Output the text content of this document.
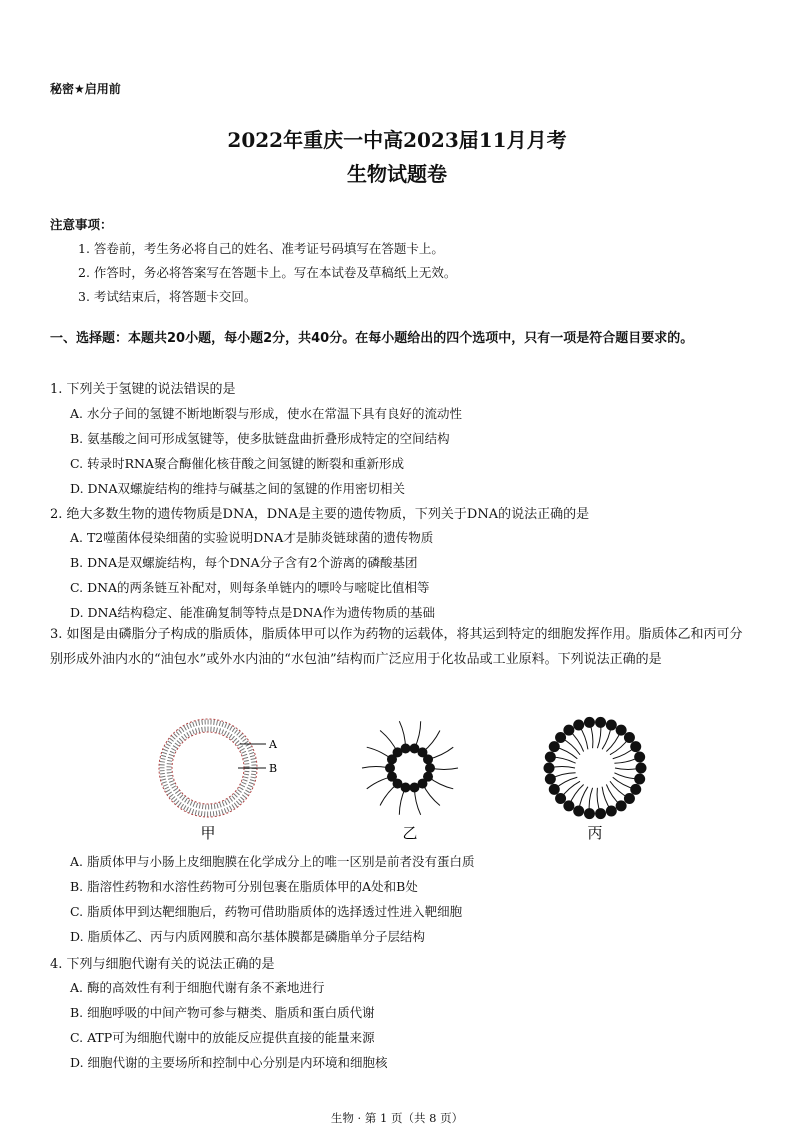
秘密★启用前
2022年重庆一中高2023届11月月考
生物试题卷
注意事项：
1. 答卷前，考生务必将自己的姓名、准考证号码填写在答题卡上。
2. 作答时，务必将答案写在答题卡上。写在本试卷及草稿纸上无效。
3. 考试结束后，将答题卡交回。
一、选择题：本题共20小题，每小题2分，共40分。在每小题给出的四个选项中，只有一项是符合题目要求的。
1. 下列关于氢键的说法错误的是
A. 水分子间的氢键不断地断裂与形成，使水在常温下具有良好的流动性
B. 氨基酸之间可形成氢键等，使多肽链盘曲折叠形成特定的空间结构
C. 转录时RNA聚合酶催化核苷酸之间氢键的断裂和重新形成
D. DNA双螺旋结构的维持与碱基之间的氢键的作用密切相关
2. 绝大多数生物的遗传物质是DNA，DNA是主要的遗传物质，下列关于DNA的说法正确的是
A. T2噬菌体侵染细菌的实验说明DNA才是肺炎链球菌的遗传物质
B. DNA是双螺旋结构，每个DNA分子含有2个游离的磷酸基团
C. DNA的两条链互补配对，则每条单链内的嘌呤与嘧啶比值相等
D. DNA结构稳定、能准确复制等特点是DNA作为遗传物质的基础
3. 如图是由磷脂分子构成的脂质体，脂质体甲可以作为药物的运载体，将其运到特定的细胞发挥作用。脂质体乙和丙可分别形成外油内水的“油包水”或外水内油的“水包油”结构而广泛应用于化妆品或工业原料。下列说法正确的是
A
B
甲	乙	丙
A. 脂质体甲与小肠上皮细胞膜在化学成分上的唯一区别是前者没有蛋白质
B. 脂溶性药物和水溶性药物可分别包裹在脂质体甲的A处和B处
C. 脂质体甲到达靶细胞后，药物可借助脂质体的选择透过性进入靶细胞
D. 脂质体乙、丙与内质网膜和高尔基体膜都是磷脂单分子层结构
4. 下列与细胞代谢有关的说法正确的是
A. 酶的高效性有利于细胞代谢有条不紊地进行
B. 细胞呼吸的中间产物可参与糖类、脂质和蛋白质代谢
C. ATP可为细胞代谢中的放能反应提供直接的能量来源
D. 细胞代谢的主要场所和控制中心分别是内环境和细胞核
生物 · 第 1 页（共 8 页）
